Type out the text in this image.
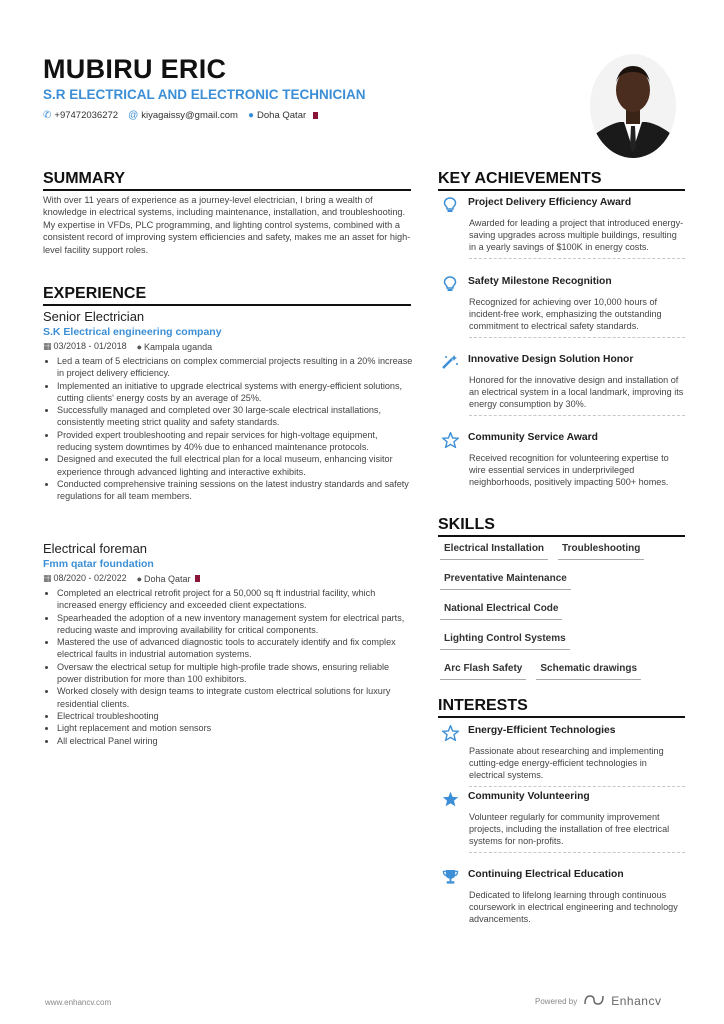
MUBIRU ERIC
S.R ELECTRICAL AND ELECTRONIC TECHNICIAN
✆ +97472036272 @ kiyagaissy@gmail.com ● Doha Qatar
SUMMARY
With over 11 years of experience as a journey-level electrician, I bring a wealth of knowledge in electrical systems, including maintenance, installation, and troubleshooting. My expertise in VFDs, PLC programming, and lighting control systems, combined with a consistent record of improving system efficiencies and safety, makes me an asset for high-level facility support roles.
EXPERIENCE
Senior Electrician
S.K Electrical engineering company
▦ 03/2018 - 01/2018 ● Kampala uganda
• Led a team of 5 electricians on complex commercial projects resulting in a 20% increase in project delivery efficiency.
• Implemented an initiative to upgrade electrical systems with energy-efficient solutions, cutting clients' energy costs by an average of 25%.
• Successfully managed and completed over 30 large-scale electrical installations, consistently meeting strict quality and safety standards.
• Provided expert troubleshooting and repair services for high-voltage equipment, reducing system downtimes by 40% due to enhanced maintenance protocols.
• Designed and executed the full electrical plan for a local museum, enhancing visitor experience through advanced lighting and interactive exhibits.
• Conducted comprehensive training sessions on the latest industry standards and safety regulations for all team members.
Electrical foreman
Fmm qatar foundation
▦ 08/2020 - 02/2022 ● Doha Qatar
• Completed an electrical retrofit project for a 50,000 sq ft industrial facility, which increased energy efficiency and exceeded client expectations.
• Spearheaded the adoption of a new inventory management system for electrical parts, reducing waste and improving availability for critical components.
• Mastered the use of advanced diagnostic tools to accurately identify and fix complex electrical faults in industrial automation systems.
• Oversaw the electrical setup for multiple high-profile trade shows, ensuring reliable power distribution for more than 100 exhibitors.
• Worked closely with design teams to integrate custom electrical solutions for luxury residential clients.
• Electrical troubleshooting
• Light replacement and motion sensors
• All electrical Panel wiring
KEY ACHIEVEMENTS
Project Delivery Efficiency Award
Awarded for leading a project that introduced energy-saving upgrades across multiple buildings, resulting in a yearly savings of $100K in energy costs.
Safety Milestone Recognition
Recognized for achieving over 10,000 hours of incident-free work, emphasizing the outstanding commitment to electrical safety standards.
Innovative Design Solution Honor
Honored for the innovative design and installation of an electrical system in a local landmark, improving its energy consumption by 30%.
Community Service Award
Received recognition for volunteering expertise to wire essential services in underprivileged neighborhoods, positively impacting 500+ homes.
SKILLS
Electrical Installation	Troubleshooting
Preventative Maintenance
National Electrical Code
Lighting Control Systems
Arc Flash Safety	Schematic drawings
INTERESTS
Energy-Efficient Technologies
Passionate about researching and implementing cutting-edge energy-efficient technologies in electrical systems.
Community Volunteering
Volunteer regularly for community improvement projects, including the installation of free electrical systems for non-profits.
Continuing Electrical Education
Dedicated to lifelong learning through continuous coursework in electrical engineering and technology advancements.
www.enhancv.com	Powered by	Enhancv
